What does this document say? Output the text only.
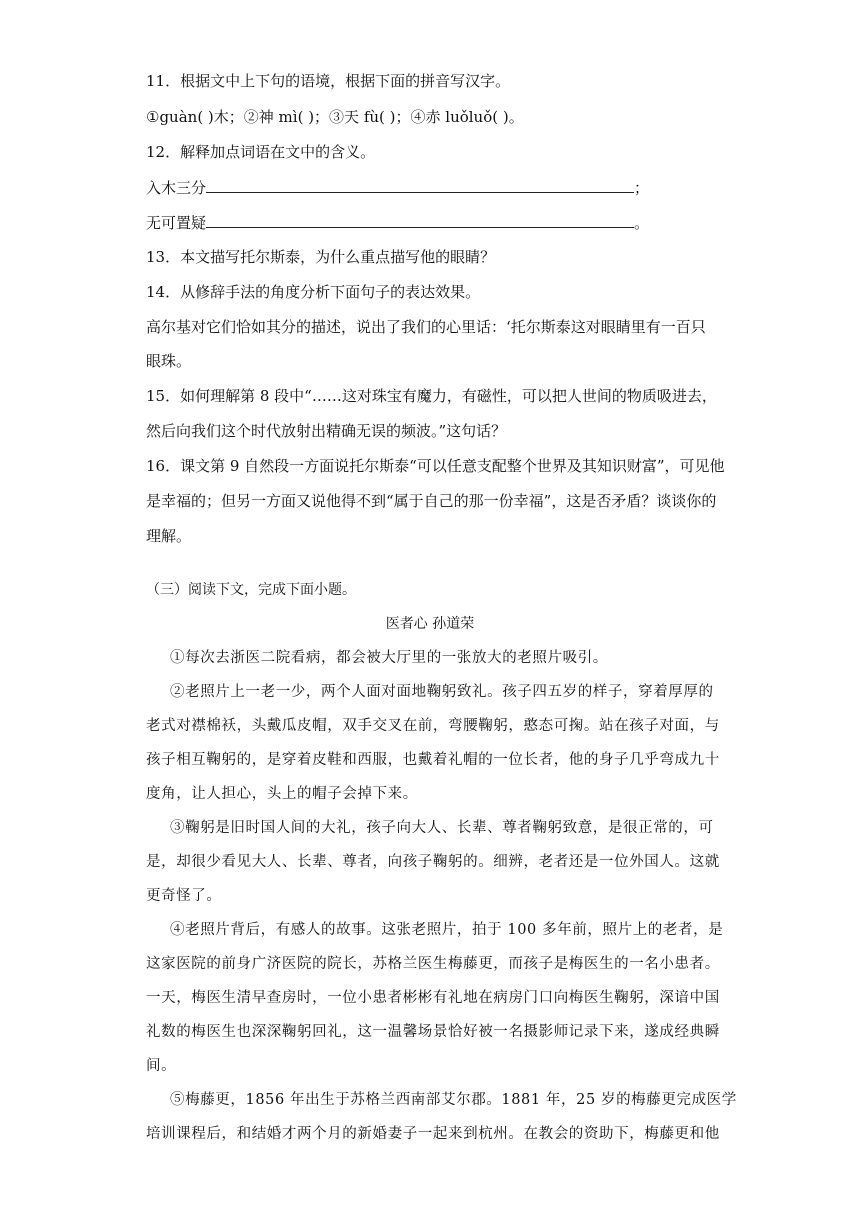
11．根据文中上下句的语境，根据下面的拼音写汉字。
①guàn( )木；②神 mì( )；③天 fù( )；④赤 luǒluǒ( )。
12．解释加点词语在文中的含义。
入木三分	；
无可置疑	。
13．本文描写托尔斯泰，为什么重点描写他的眼睛？
14．从修辞手法的角度分析下面句子的表达效果。
高尔基对它们恰如其分的描述，说出了我们的心里话：‘托尔斯泰这对眼睛里有一百只
眼珠。
15．如何理解第 8 段中“……这对珠宝有魔力，有磁性，可以把人世间的物质吸进去，
然后向我们这个时代放射出精确无误的频波。”这句话？
16．课文第 9 自然段一方面说托尔斯泰“可以任意支配整个世界及其知识财富”，可见他
是幸福的；但另一方面又说他得不到“属于自己的那一份幸福”，这是否矛盾？谈谈你的
理解。
（三）阅读下文，完成下面小题。
医者心 孙道荣
①每次去浙医二院看病，都会被大厅里的一张放大的老照片吸引。
②老照片上一老一少，两个人面对面地鞠躬致礼。孩子四五岁的样子，穿着厚厚的
老式对襟棉袄，头戴瓜皮帽，双手交叉在前，弯腰鞠躬，憨态可掬。站在孩子对面，与
孩子相互鞠躬的，是穿着皮鞋和西服，也戴着礼帽的一位长者，他的身子几乎弯成九十
度角，让人担心，头上的帽子会掉下来。
③鞠躬是旧时国人间的大礼，孩子向大人、长辈、尊者鞠躬致意，是很正常的，可
是，却很少看见大人、长辈、尊者，向孩子鞠躬的。细辨，老者还是一位外国人。这就
更奇怪了。
④老照片背后，有感人的故事。这张老照片，拍于 100 多年前，照片上的老者，是
这家医院的前身广济医院的院长，苏格兰医生梅藤更，而孩子是梅医生的一名小患者。
一天，梅医生清早查房时，一位小患者彬彬有礼地在病房门口向梅医生鞠躬，深谙中国
礼数的梅医生也深深鞠躬回礼，这一温馨场景恰好被一名摄影师记录下来，遂成经典瞬
间。
⑤梅藤更，1856 年出生于苏格兰西南部艾尔郡。1881 年，25 岁的梅藤更完成医学
培训课程后，和结婚才两个月的新婚妻子一起来到杭州。在教会的资助下，梅藤更和他
